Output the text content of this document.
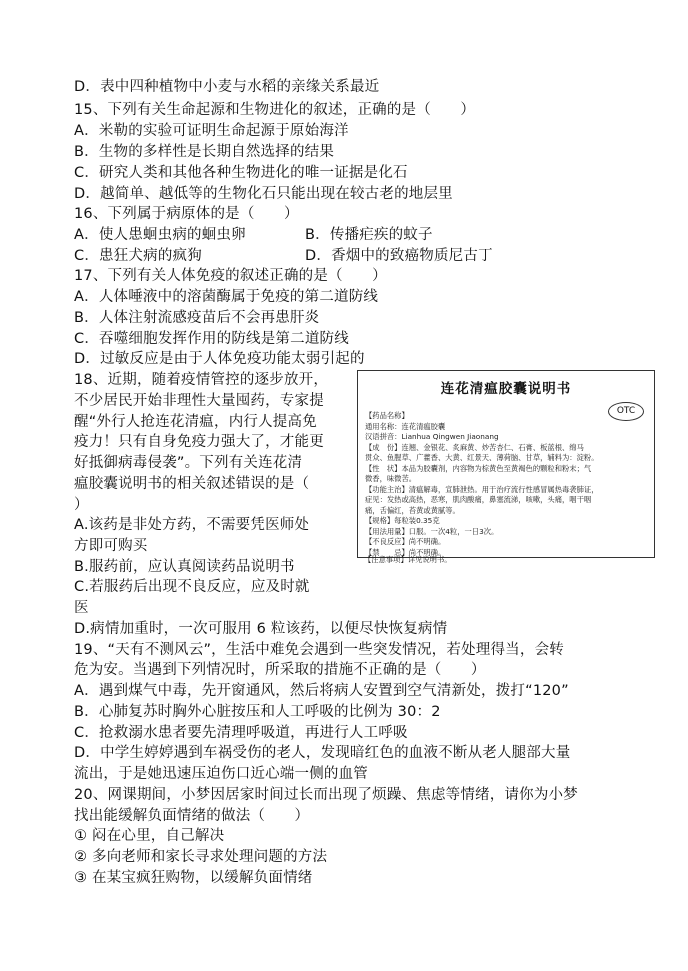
D．表中四种植物中小麦与水稻的亲缘关系最近
15、下列有关生命起源和生物进化的叙述，正确的是（　　）
A．米勒的实验可证明生命起源于原始海洋
B．生物的多样性是长期自然选择的结果
C．研究人类和其他各种生物进化的唯一证据是化石
D．越简单、越低等的生物化石只能出现在较古老的地层里
16、下列属于病原体的是（　　）
A．使人患蛔虫病的蛔虫卵	B．传播疟疾的蚊子
C．患狂犬病的疯狗	D．香烟中的致癌物质尼古丁
17、下列有关人体免疫的叙述正确的是（　　）
A．人体唾液中的溶菌酶属于免疫的第二道防线
B．人体注射流感疫苗后不会再患肝炎
C．吞噬细胞发挥作用的防线是第二道防线
D．过敏反应是由于人体免疫功能太弱引起的
18、近期，随着疫情管控的逐步放开，
不少居民开始非理性大量囤药，专家提
醒“外行人抢连花清瘟，内行人提高免
疫力！只有自身免疫力强大了，才能更
好抵御病毒侵袭”。下列有关连花清
瘟胶囊说明书的相关叙述错误的是（
）
A.该药是非处方药，不需要凭医师处
方即可购买
B.服药前，应认真阅读药品说明书
C.若服药后出现不良反应，应及时就
医
D.病情加重时，一次可服用 6 粒该药，以便尽快恢复病情
19、“天有不测风云”，生活中难免会遇到一些突发情况，若处理得当，会转
危为安。当遇到下列情况时，所采取的措施不正确的是（　　）
A．遇到煤气中毒，先开窗通风，然后将病人安置到空气清新处，拨打“120”
B．心肺复苏时胸外心脏按压和人工呼吸的比例为 30：2
C．抢救溺水患者要先清理呼吸道，再进行人工呼吸
D．中学生婷婷遇到车祸受伤的老人，发现暗红色的血液不断从老人腿部大量
流出，于是她迅速压迫伤口近心端一侧的血管
20、网课期间，小梦因居家时间过长而出现了烦躁、焦虑等情绪，请你为小梦
找出能缓解负面情绪的做法（　　）
① 闷在心里，自己解决
② 多向老师和家长寻求处理问题的方法
③ 在某宝疯狂购物，以缓解负面情绪
连花清瘟胶囊说明书
OTC
【药品名称】
通用名称：连花清瘟胶囊
汉语拼音：Lianhua Qingwen Jiaonang
【成　份】连翘、金银花、炙麻黄、炒苦杏仁、石膏、板蓝根、绵马
贯众、鱼腥草、广藿香、大黄、红景天、薄荷脑、甘草，辅料为：淀粉。
【性　状】本品为胶囊剂，内容物为棕黄色至黄褐色的颗粒和粉末；气
微香，味微苦。
【功能主治】清瘟解毒，宣肺泄热。用于治疗流行性感冒属热毒袭肺证，
症见：发热或高热，恶寒，肌肉酸痛，鼻塞流涕，咳嗽，头痛，咽干咽
痛，舌偏红，苔黄或黄腻等。
【规格】每粒装0.35克
【用法用量】口服。一次4粒，一日3次。
【不良反应】尚不明确。
【禁　　忌】尚不明确。
【注意事项】详见说明书。
